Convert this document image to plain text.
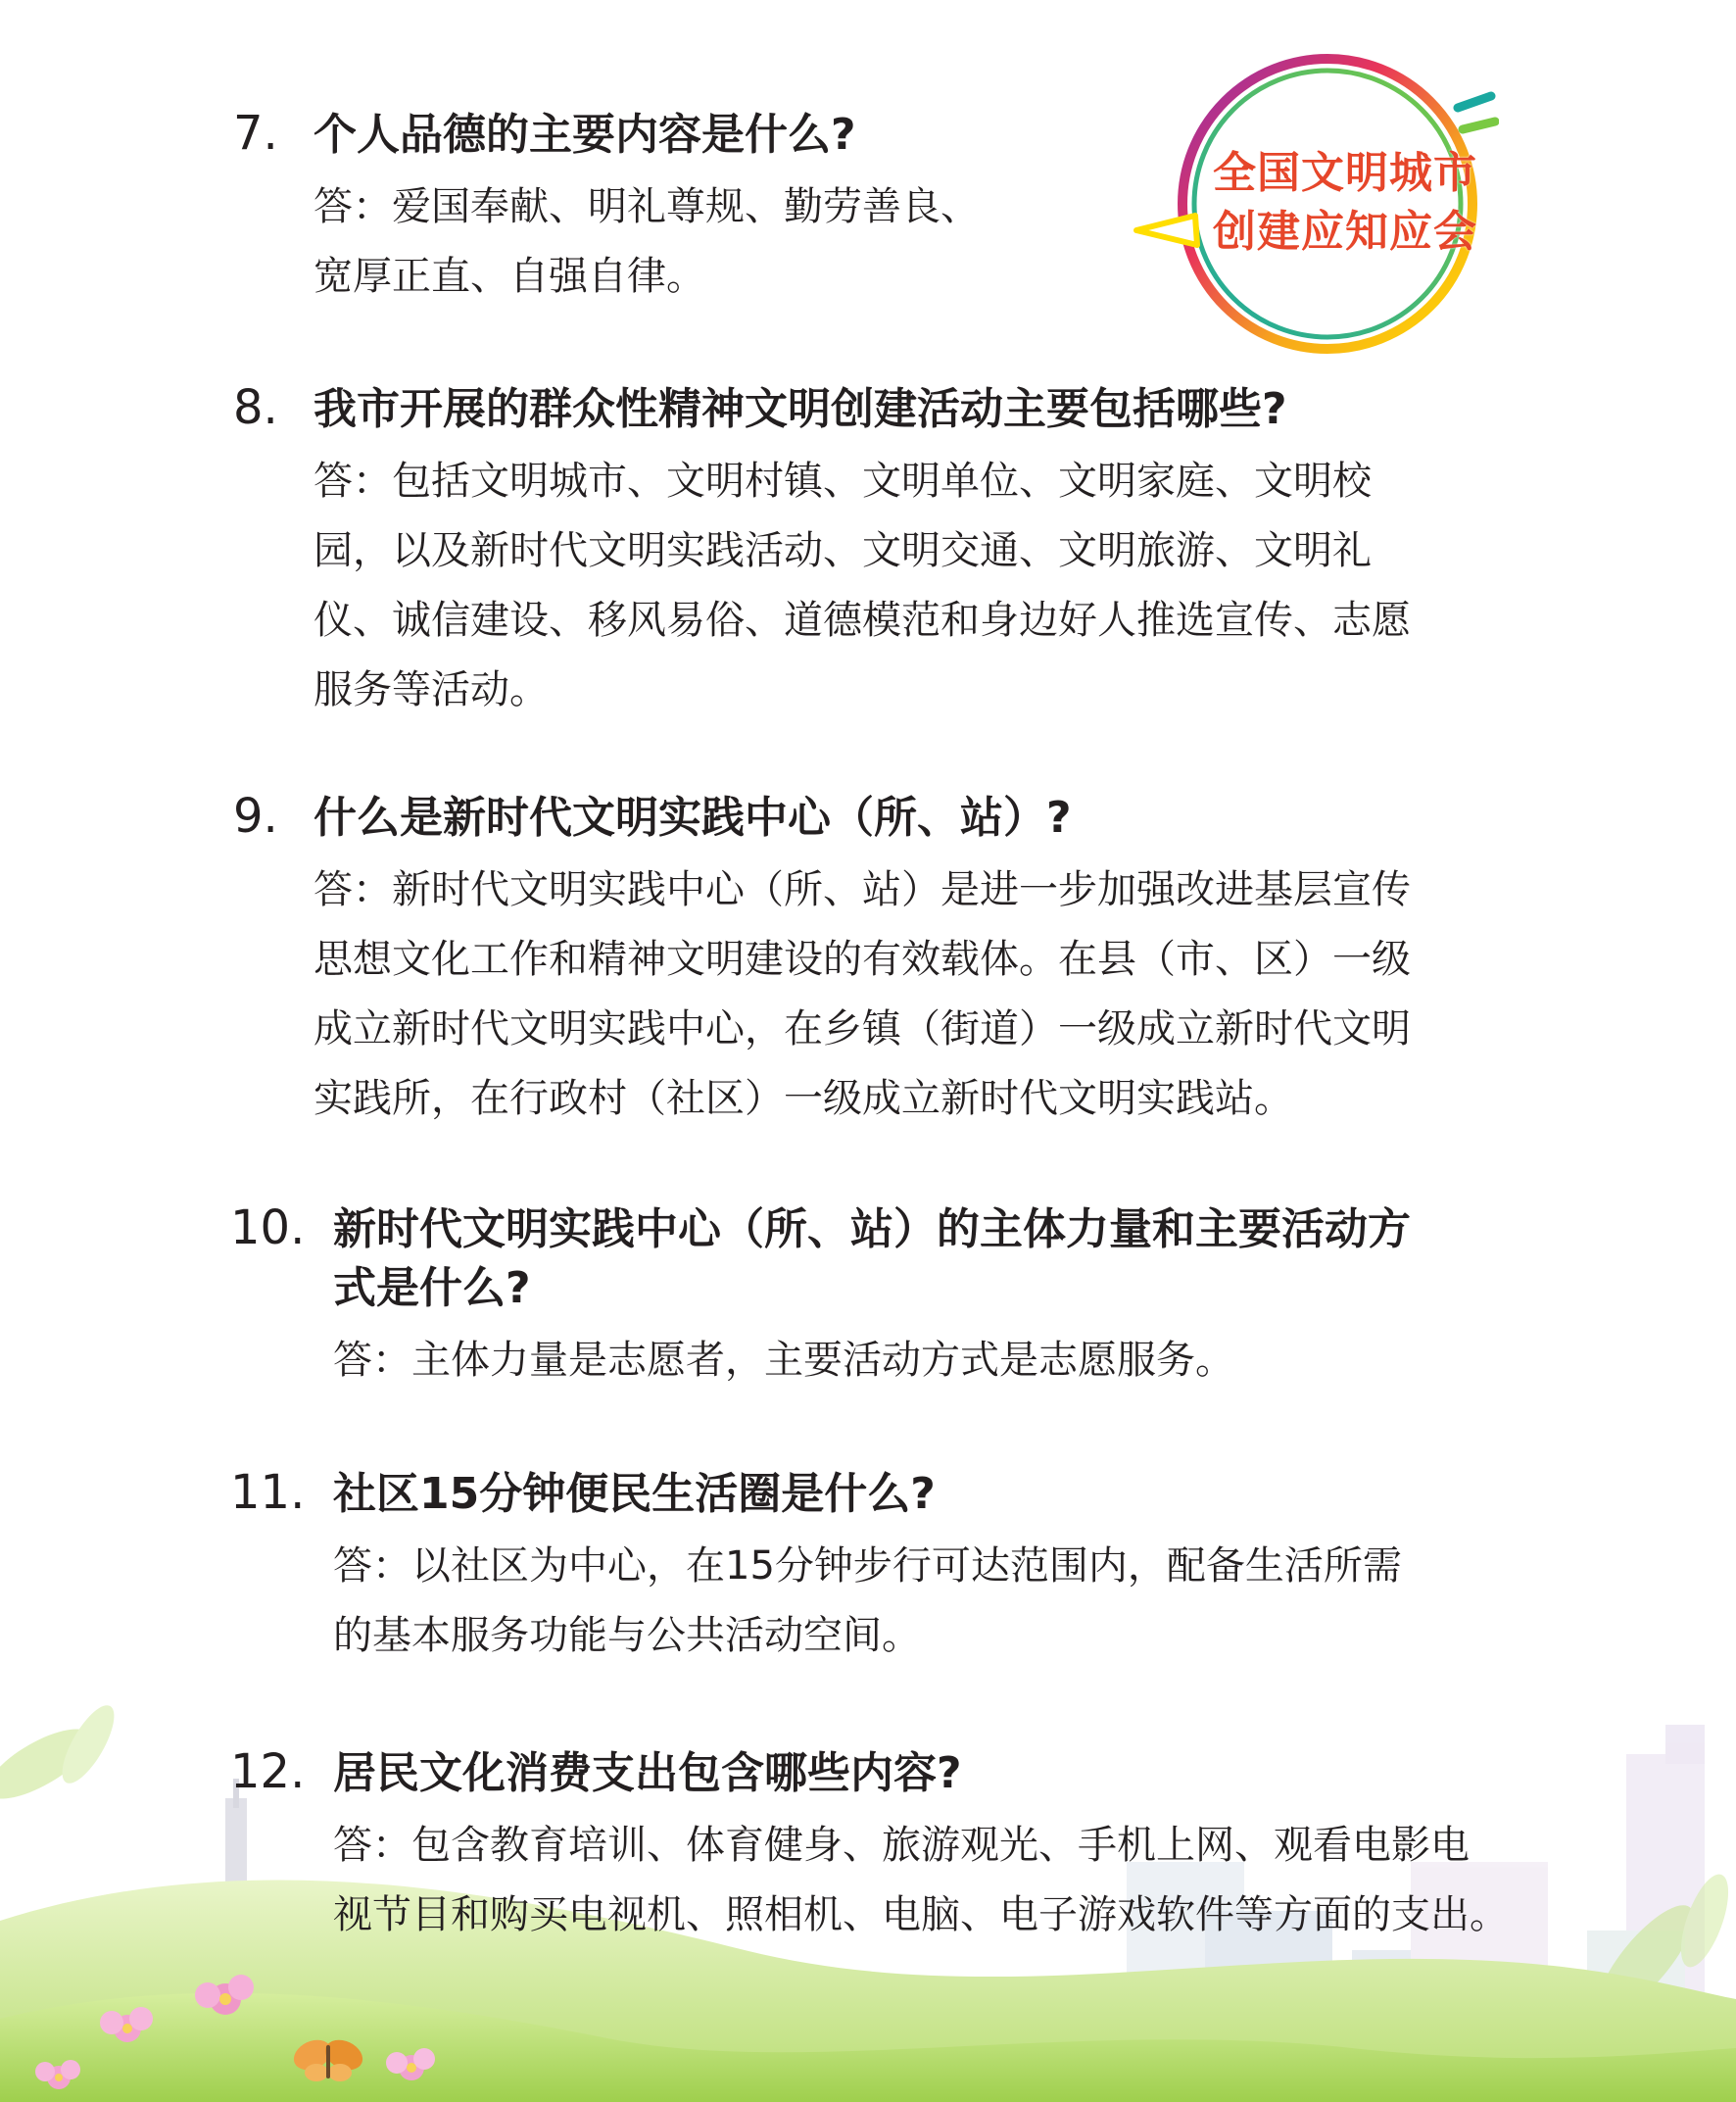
全国文明城市
创建应知应会
7. 个人品德的主要内容是什么?
答：爱国奉献、明礼尊规、勤劳善良、
宽厚正直、自强自律。
8. 我市开展的群众性精神文明创建活动主要包括哪些?
答：包括文明城市、文明村镇、文明单位、文明家庭、文明校
园，以及新时代文明实践活动、文明交通、文明旅游、文明礼
仪、诚信建设、移风易俗、道德模范和身边好人推选宣传、志愿
服务等活动。
9. 什么是新时代文明实践中心（所、站）?
答：新时代文明实践中心（所、站）是进一步加强改进基层宣传
思想文化工作和精神文明建设的有效载体。在县（市、区）一级
成立新时代文明实践中心，在乡镇（街道）一级成立新时代文明
实践所，在行政村（社区）一级成立新时代文明实践站。
10. 新时代文明实践中心（所、站）的主体力量和主要活动方
式是什么?
答：主体力量是志愿者，主要活动方式是志愿服务。
11. 社区15分钟便民生活圈是什么?
答：以社区为中心，在15分钟步行可达范围内，配备生活所需
的基本服务功能与公共活动空间。
12. 居民文化消费支出包含哪些内容?
答：包含教育培训、体育健身、旅游观光、手机上网、观看电影电
视节目和购买电视机、照相机、电脑、电子游戏软件等方面的支出。
